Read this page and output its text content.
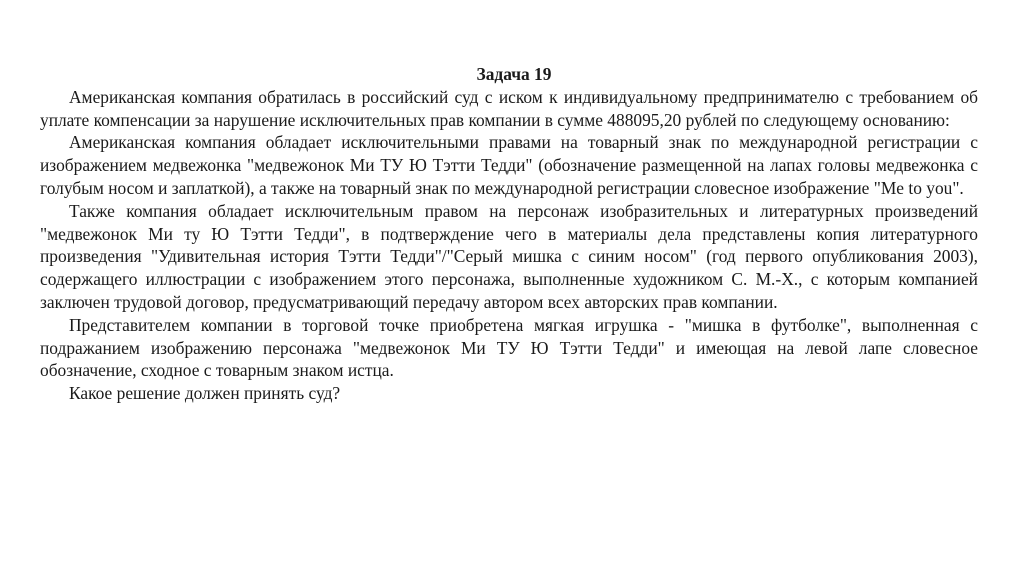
Задача 19

Американская компания обратилась в российский суд с иском к индивидуальному предпринимателю с требованием об уплате компенсации за нарушение исключительных прав компании в сумме 488095,20 рублей по следующему основанию:

Американская компания обладает исключительными правами на товарный знак по международной регистрации с изображением медвежонка "медвежонок Ми ТУ Ю Тэтти Тедди" (обозначение размещенной на лапах головы медвежонка с голубым носом и заплаткой), а также на товарный знак по международной регистрации словесное изображение "Me to you".

Также компания обладает исключительным правом на персонаж изобразительных и литературных произведений "медвежонок Ми ту Ю Тэтти Тедди", в подтверждение чего в материалы дела представлены копия литературного произведения "Удивительная история Тэтти Тедди"/"Серый мишка с синим носом" (год первого опубликования 2003), содержащего иллюстрации с изображением этого персонажа, выполненные художником С. М.-Х., с которым компанией заключен трудовой договор, предусматривающий передачу автором всех авторских прав компании.

Представителем компании в торговой точке приобретена мягкая игрушка - "мишка в футболке", выполненная с подражанием изображению персонажа "медвежонок Ми ТУ Ю Тэтти Тедди" и имеющая на левой лапе словесное обозначение, сходное с товарным знаком истца.

Какое решение должен принять суд?
